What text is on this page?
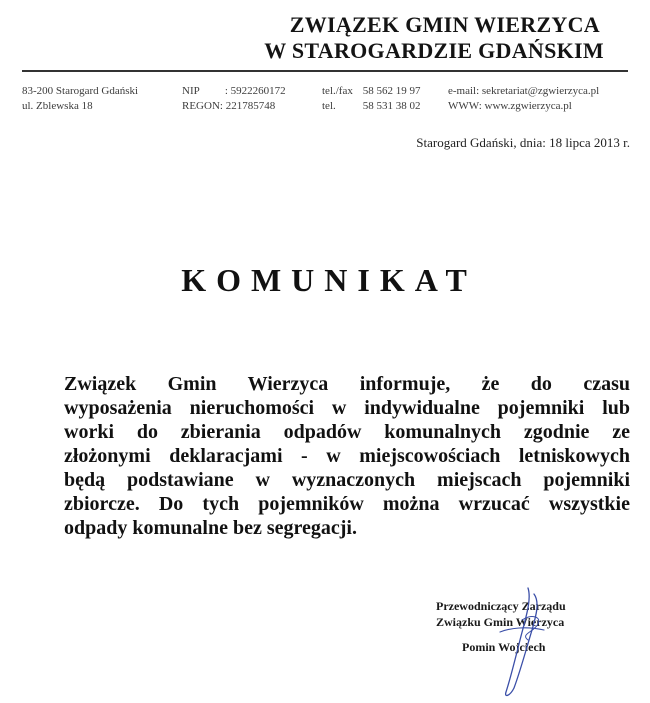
ZWIĄZEK GMIN WIERZYCA
W STAROGARDZIE GDAŃSKIM
83-200 Starogard Gdański
ul. Zblewska 18
NIP : 5922260172
REGON: 221785748
tel./fax 58 562 19 97
tel. 58 531 38 02
e-mail: sekretariat@zgwierzyca.pl
WWW: www.zgwierzyca.pl
Starogard Gdański, dnia: 18 lipca 2013 r.
KOMUNIKAT
Związek Gmin Wierzyca informuje, że do czasu
wyposażenia nieruchomości w indywidualne pojemniki lub
worki do zbierania odpadów komunalnych zgodnie ze
złożonymi deklaracjami - w miejscowościach letniskowych
będą podstawiane w wyznaczonych miejscach pojemniki
zbiorcze. Do tych pojemników można wrzucać wszystkie
odpady komunalne bez segregacji.
Przewodniczący Zarządu
Związku Gmin Wierzyca
Pomin Wojciech
